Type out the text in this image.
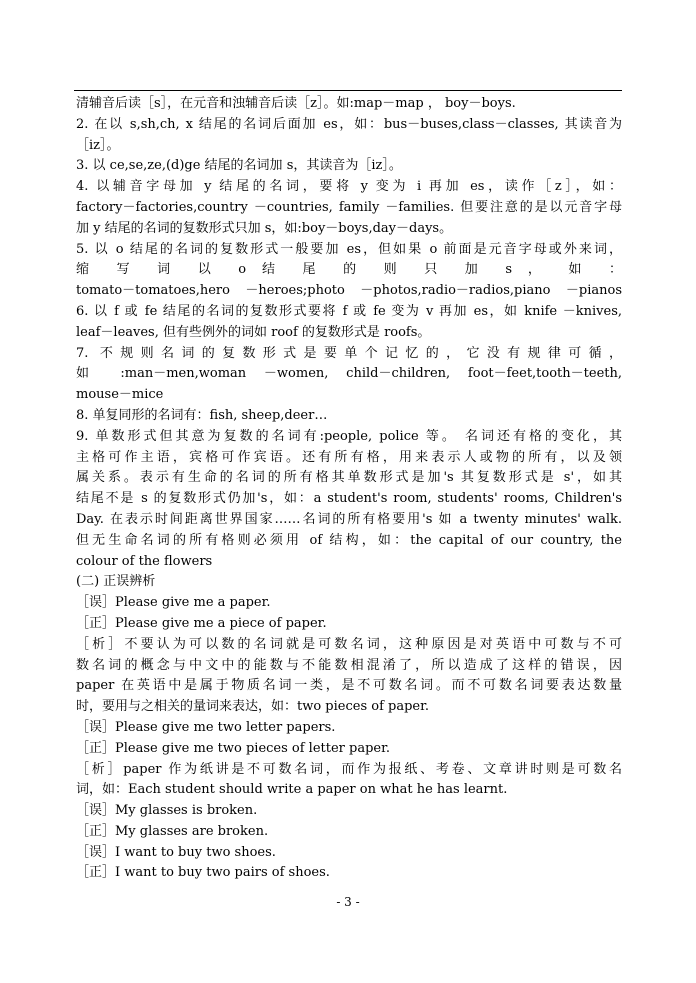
清辅音后读［s］，在元音和浊辅音后读［z］。如:map－map ， boy－boys.
2. 在以 s,sh,ch, x 结尾的名词后面加 es，如：bus－buses,class－classes, 其读音为
［iz］。
3. 以 ce,se,ze,(d)ge 结尾的名词加 s，其读音为［iz］。
4. 以辅音字母加 y 结尾的名词，要将 y 变为 i 再加 es，读作［z］，如：
factory－factories,country －countries, family －families. 但要注意的是以元音字母
加 y 结尾的名词的复数形式只加 s，如:boy－boys,day－days。
5. 以 o 结尾的名词的复数形式一般要加 es，但如果 o 前面是元音字母或外来词，
缩 写 词 以 o 结 尾 的 则 只 加 s ， 如 ：
tomato－tomatoes,hero －heroes;photo －photos,radio－radios,piano －pianos
6. 以 f 或 fe 结尾的名词的复数形式要将 f 或 fe 变为 v 再加 es，如 knife －knives,
leaf－leaves, 但有些例外的词如 roof 的复数形式是 roofs。
7. 不规则名词的复数形式是要单个记忆的，它没有规律可循，
如 :man－men,woman －women, child－children, foot－feet,tooth－teeth,
mouse－mice
8. 单复同形的名词有：fish, sheep,deer…
9. 单数形式但其意为复数的名词有:people, police 等。 名词还有格的变化，其
主格可作主语，宾格可作宾语。还有所有格，用来表示人或物的所有，以及领
属关系。表示有生命的名词的所有格其单数形式是加's 其复数形式是 s'，如其
结尾不是 s 的复数形式仍加's，如：a student's room, students' rooms, Children's
Day. 在表示时间距离世界国家……名词的所有格要用's 如 a twenty minutes' walk.
但无生命名词的所有格则必须用 of 结构，如：the capital of our country, the
colour of the flowers
(二) 正误辨析
［误］Please give me a paper.
［正］Please give me a piece of paper.
［析］不要认为可以数的名词就是可数名词，这种原因是对英语中可数与不可
数名词的概念与中文中的能数与不能数相混淆了，所以造成了这样的错误，因
paper 在英语中是属于物质名词一类，是不可数名词。而不可数名词要表达数量
时，要用与之相关的量词来表达，如：two pieces of paper.
［误］Please give me two letter papers.
［正］Please give me two pieces of letter paper.
［析］paper 作为纸讲是不可数名词，而作为报纸、考卷、文章讲时则是可数名
词，如：Each student should write a paper on what he has learnt.
［误］My glasses is broken.
［正］My glasses are broken.
［误］I want to buy two shoes.
［正］I want to buy two pairs of shoes.
- 3 -
